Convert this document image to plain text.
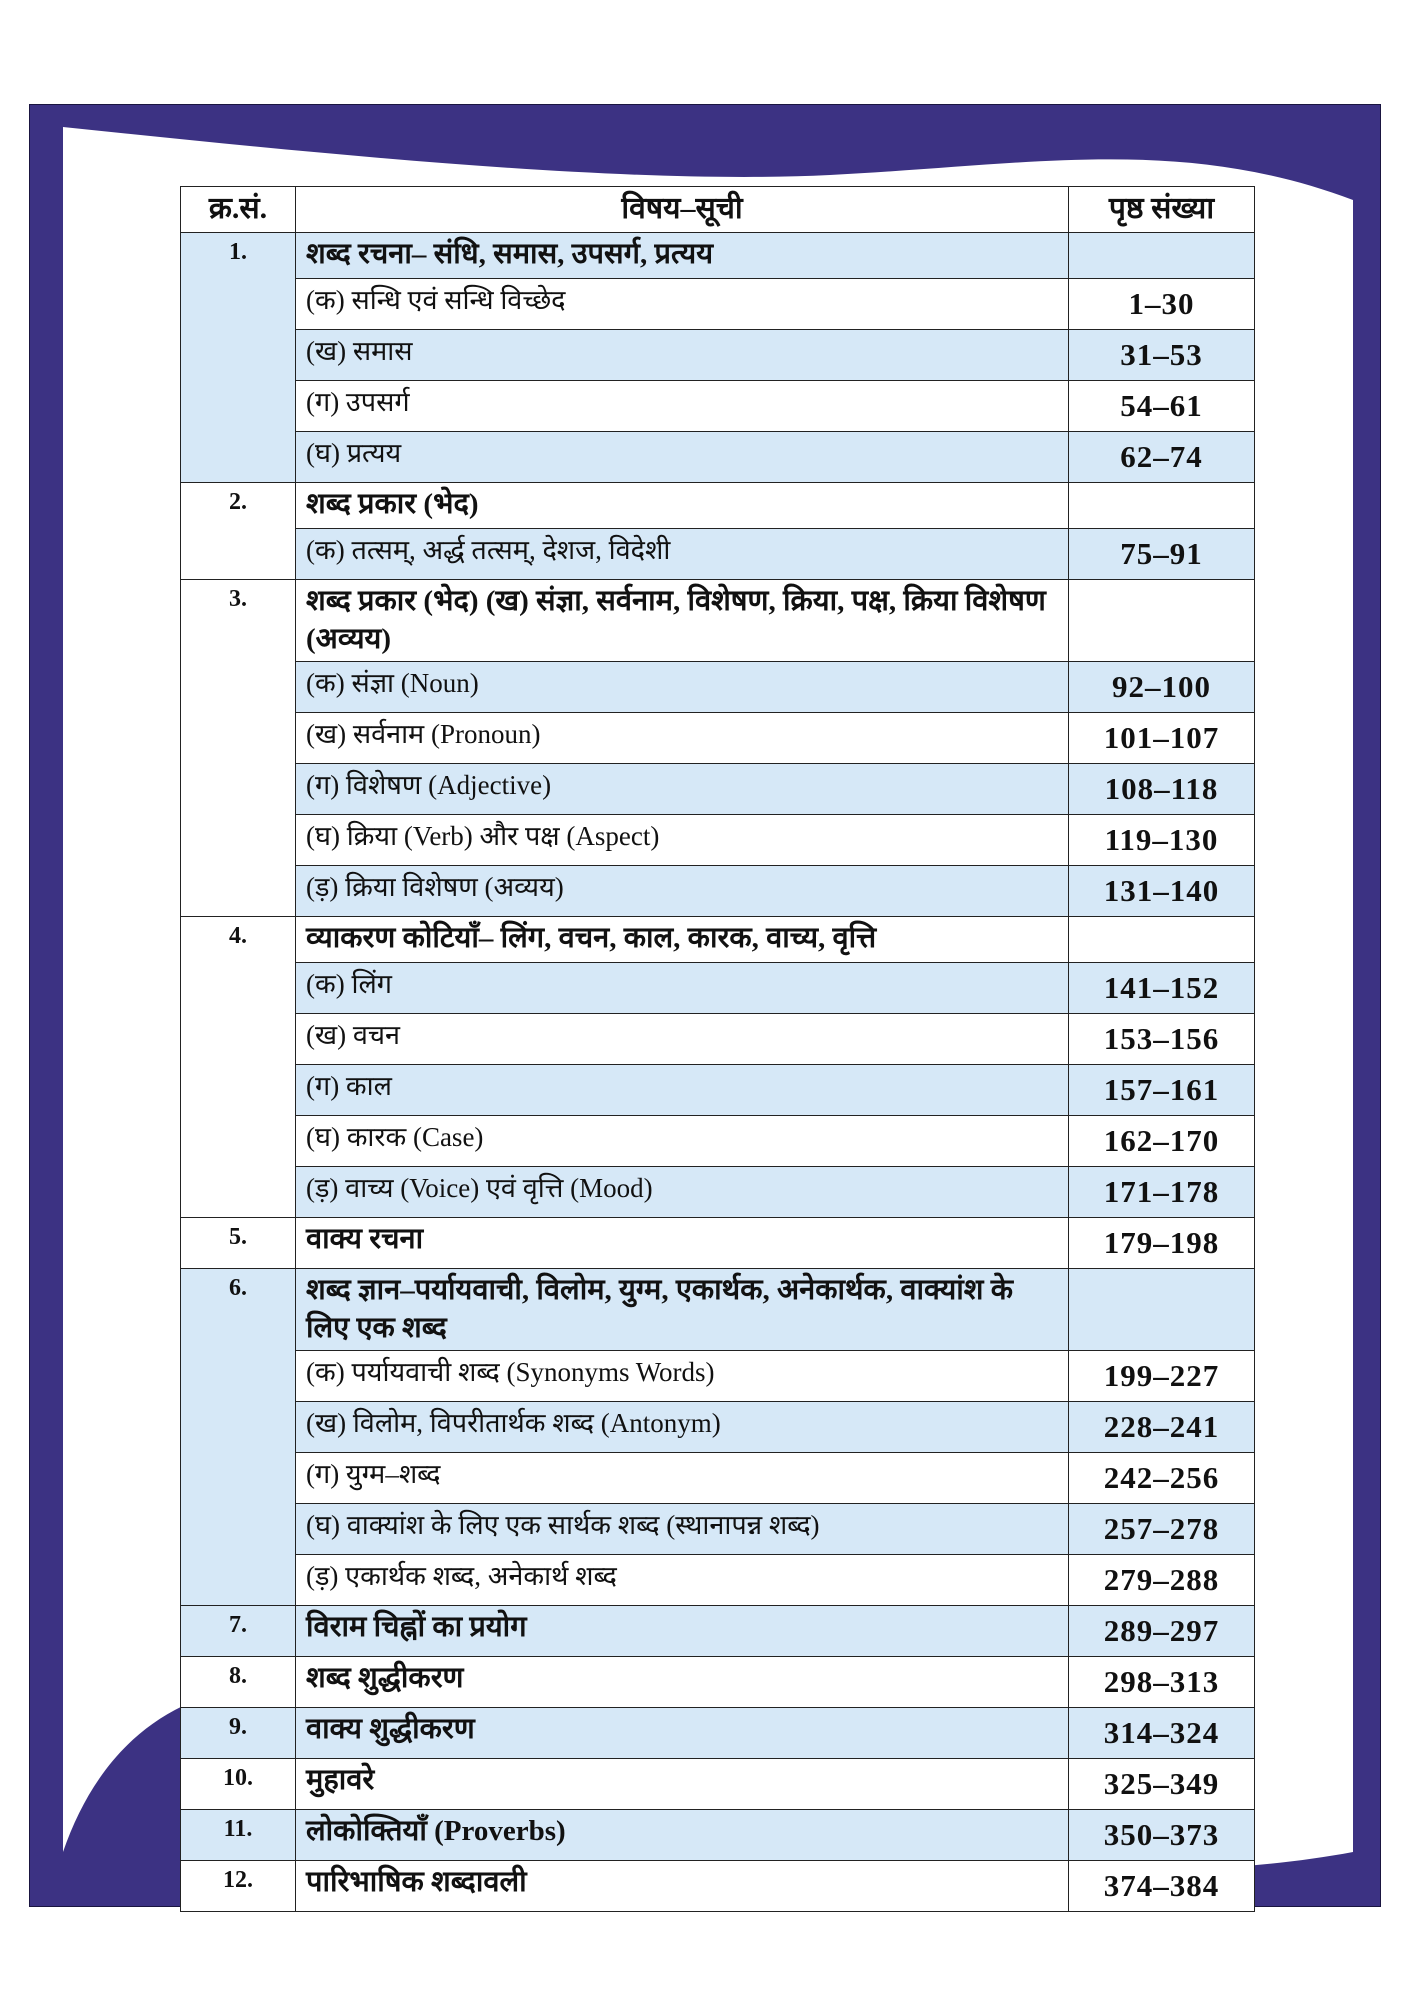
क्र.सं.	विषय–सूची	पृष्ठ संख्या
1.	शब्द रचना– संधि, समास, उपसर्ग, प्रत्यय	
	(क) सन्धि एवं सन्धि विच्छेद	1–30
	(ख) समास	31–53
	(ग) उपसर्ग	54–61
	(घ) प्रत्यय	62–74
2.	शब्द प्रकार (भेद)	
	(क) तत्सम्, अर्द्ध तत्सम्, देशज, विदेशी	75–91
3.	शब्द प्रकार (भेद) (ख) संज्ञा, सर्वनाम, विशेषण, क्रिया, पक्ष, क्रिया विशेषण (अव्यय)	
	(क) संज्ञा (Noun)	92–100
	(ख) सर्वनाम (Pronoun)	101–107
	(ग) विशेषण (Adjective)	108–118
	(घ) क्रिया (Verb) और पक्ष (Aspect)	119–130
	(ड़) क्रिया विशेषण (अव्यय)	131–140
4.	व्याकरण कोटियाँ– लिंग, वचन, काल, कारक, वाच्य, वृत्ति	
	(क) लिंग	141–152
	(ख) वचन	153–156
	(ग) काल	157–161
	(घ) कारक (Case)	162–170
	(ड़) वाच्य (Voice) एवं वृत्ति (Mood)	171–178
5.	वाक्य रचना	179–198
6.	शब्द ज्ञान–पर्यायवाची, विलोम, युग्म, एकार्थक, अनेकार्थक, वाक्यांश के लिए एक शब्द	
	(क) पर्यायवाची शब्द (Synonyms Words)	199–227
	(ख) विलोम, विपरीतार्थक शब्द (Antonym)	228–241
	(ग) युग्म–शब्द	242–256
	(घ) वाक्यांश के लिए एक सार्थक शब्द (स्थानापन्न शब्द)	257–278
	(ड़) एकार्थक शब्द, अनेकार्थ शब्द	279–288
7.	विराम चिह्नों का प्रयोग	289–297
8.	शब्द शुद्धीकरण	298–313
9.	वाक्य शुद्धीकरण	314–324
10.	मुहावरे	325–349
11.	लोकोक्तियाँ (Proverbs)	350–373
12.	पारिभाषिक शब्दावली	374–384
